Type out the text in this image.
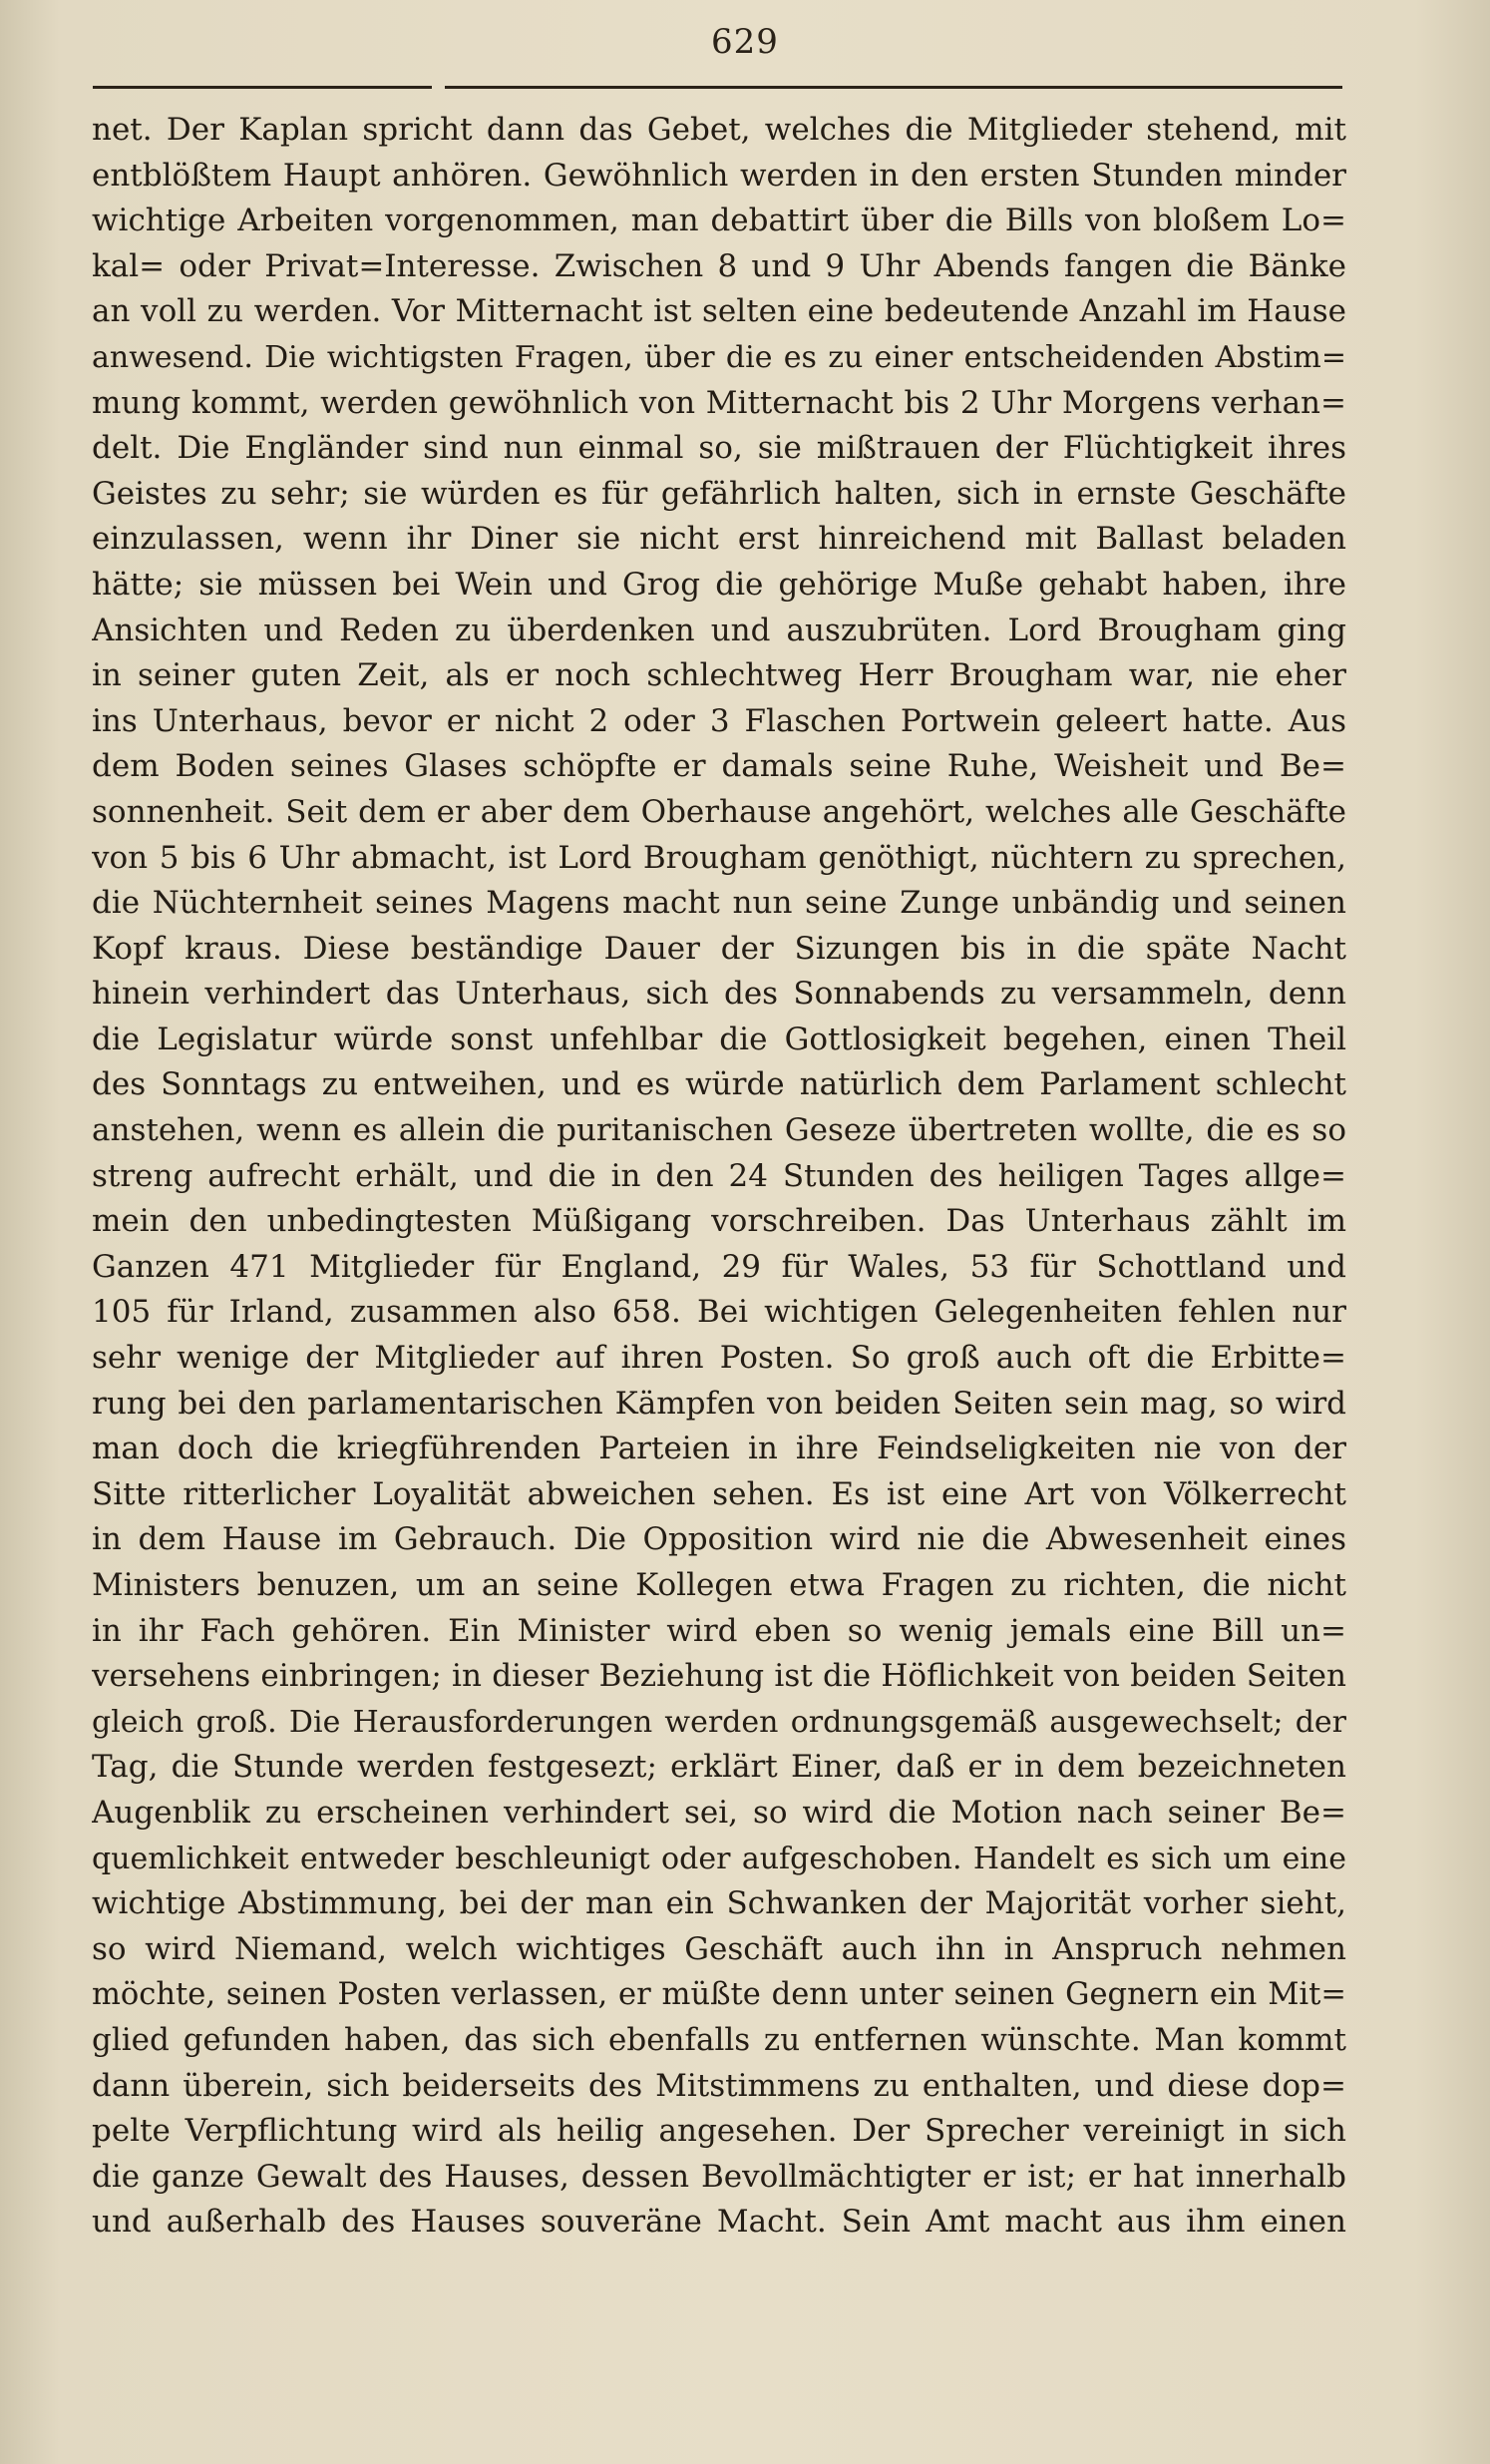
629
net. Der Kaplan spricht dann das Gebet, welches die Mitglieder stehend, mit
entblößtem Haupt anhören. Gewöhnlich werden in den ersten Stunden minder
wichtige Arbeiten vorgenommen, man debattirt über die Bills von bloßem Lo=
kal= oder Privat=Interesse. Zwischen 8 und 9 Uhr Abends fangen die Bänke
an voll zu werden. Vor Mitternacht ist selten eine bedeutende Anzahl im Hause
anwesend. Die wichtigsten Fragen, über die es zu einer entscheidenden Abstim=
mung kommt, werden gewöhnlich von Mitternacht bis 2 Uhr Morgens verhan=
delt. Die Engländer sind nun einmal so, sie mißtrauen der Flüchtigkeit ihres
Geistes zu sehr; sie würden es für gefährlich halten, sich in ernste Geschäfte
einzulassen, wenn ihr Diner sie nicht erst hinreichend mit Ballast beladen
hätte; sie müssen bei Wein und Grog die gehörige Muße gehabt haben, ihre
Ansichten und Reden zu überdenken und auszubrüten. Lord Brougham ging
in seiner guten Zeit, als er noch schlechtweg Herr Brougham war, nie eher
ins Unterhaus, bevor er nicht 2 oder 3 Flaschen Portwein geleert hatte. Aus
dem Boden seines Glases schöpfte er damals seine Ruhe, Weisheit und Be=
sonnenheit. Seit dem er aber dem Oberhause angehört, welches alle Geschäfte
von 5 bis 6 Uhr abmacht, ist Lord Brougham genöthigt, nüchtern zu sprechen,
die Nüchternheit seines Magens macht nun seine Zunge unbändig und seinen
Kopf kraus. Diese beständige Dauer der Sizungen bis in die späte Nacht
hinein verhindert das Unterhaus, sich des Sonnabends zu versammeln, denn
die Legislatur würde sonst unfehlbar die Gottlosigkeit begehen, einen Theil
des Sonntags zu entweihen, und es würde natürlich dem Parlament schlecht
anstehen, wenn es allein die puritanischen Geseze übertreten wollte, die es so
streng aufrecht erhält, und die in den 24 Stunden des heiligen Tages allge=
mein den unbedingtesten Müßigang vorschreiben. Das Unterhaus zählt im
Ganzen 471 Mitglieder für England, 29 für Wales, 53 für Schottland und
105 für Irland, zusammen also 658. Bei wichtigen Gelegenheiten fehlen nur
sehr wenige der Mitglieder auf ihren Posten. So groß auch oft die Erbitte=
rung bei den parlamentarischen Kämpfen von beiden Seiten sein mag, so wird
man doch die kriegführenden Parteien in ihre Feindseligkeiten nie von der
Sitte ritterlicher Loyalität abweichen sehen. Es ist eine Art von Völkerrecht
in dem Hause im Gebrauch. Die Opposition wird nie die Abwesenheit eines
Ministers benuzen, um an seine Kollegen etwa Fragen zu richten, die nicht
in ihr Fach gehören. Ein Minister wird eben so wenig jemals eine Bill un=
versehens einbringen; in dieser Beziehung ist die Höflichkeit von beiden Seiten
gleich groß. Die Herausforderungen werden ordnungsgemäß ausgewechselt; der
Tag, die Stunde werden festgesezt; erklärt Einer, daß er in dem bezeichneten
Augenblik zu erscheinen verhindert sei, so wird die Motion nach seiner Be=
quemlichkeit entweder beschleunigt oder aufgeschoben. Handelt es sich um eine
wichtige Abstimmung, bei der man ein Schwanken der Majorität vorher sieht,
so wird Niemand, welch wichtiges Geschäft auch ihn in Anspruch nehmen
möchte, seinen Posten verlassen, er müßte denn unter seinen Gegnern ein Mit=
glied gefunden haben, das sich ebenfalls zu entfernen wünschte. Man kommt
dann überein, sich beiderseits des Mitstimmens zu enthalten, und diese dop=
pelte Verpflichtung wird als heilig angesehen. Der Sprecher vereinigt in sich
die ganze Gewalt des Hauses, dessen Bevollmächtigter er ist; er hat innerhalb
und außerhalb des Hauses souveräne Macht. Sein Amt macht aus ihm einen
